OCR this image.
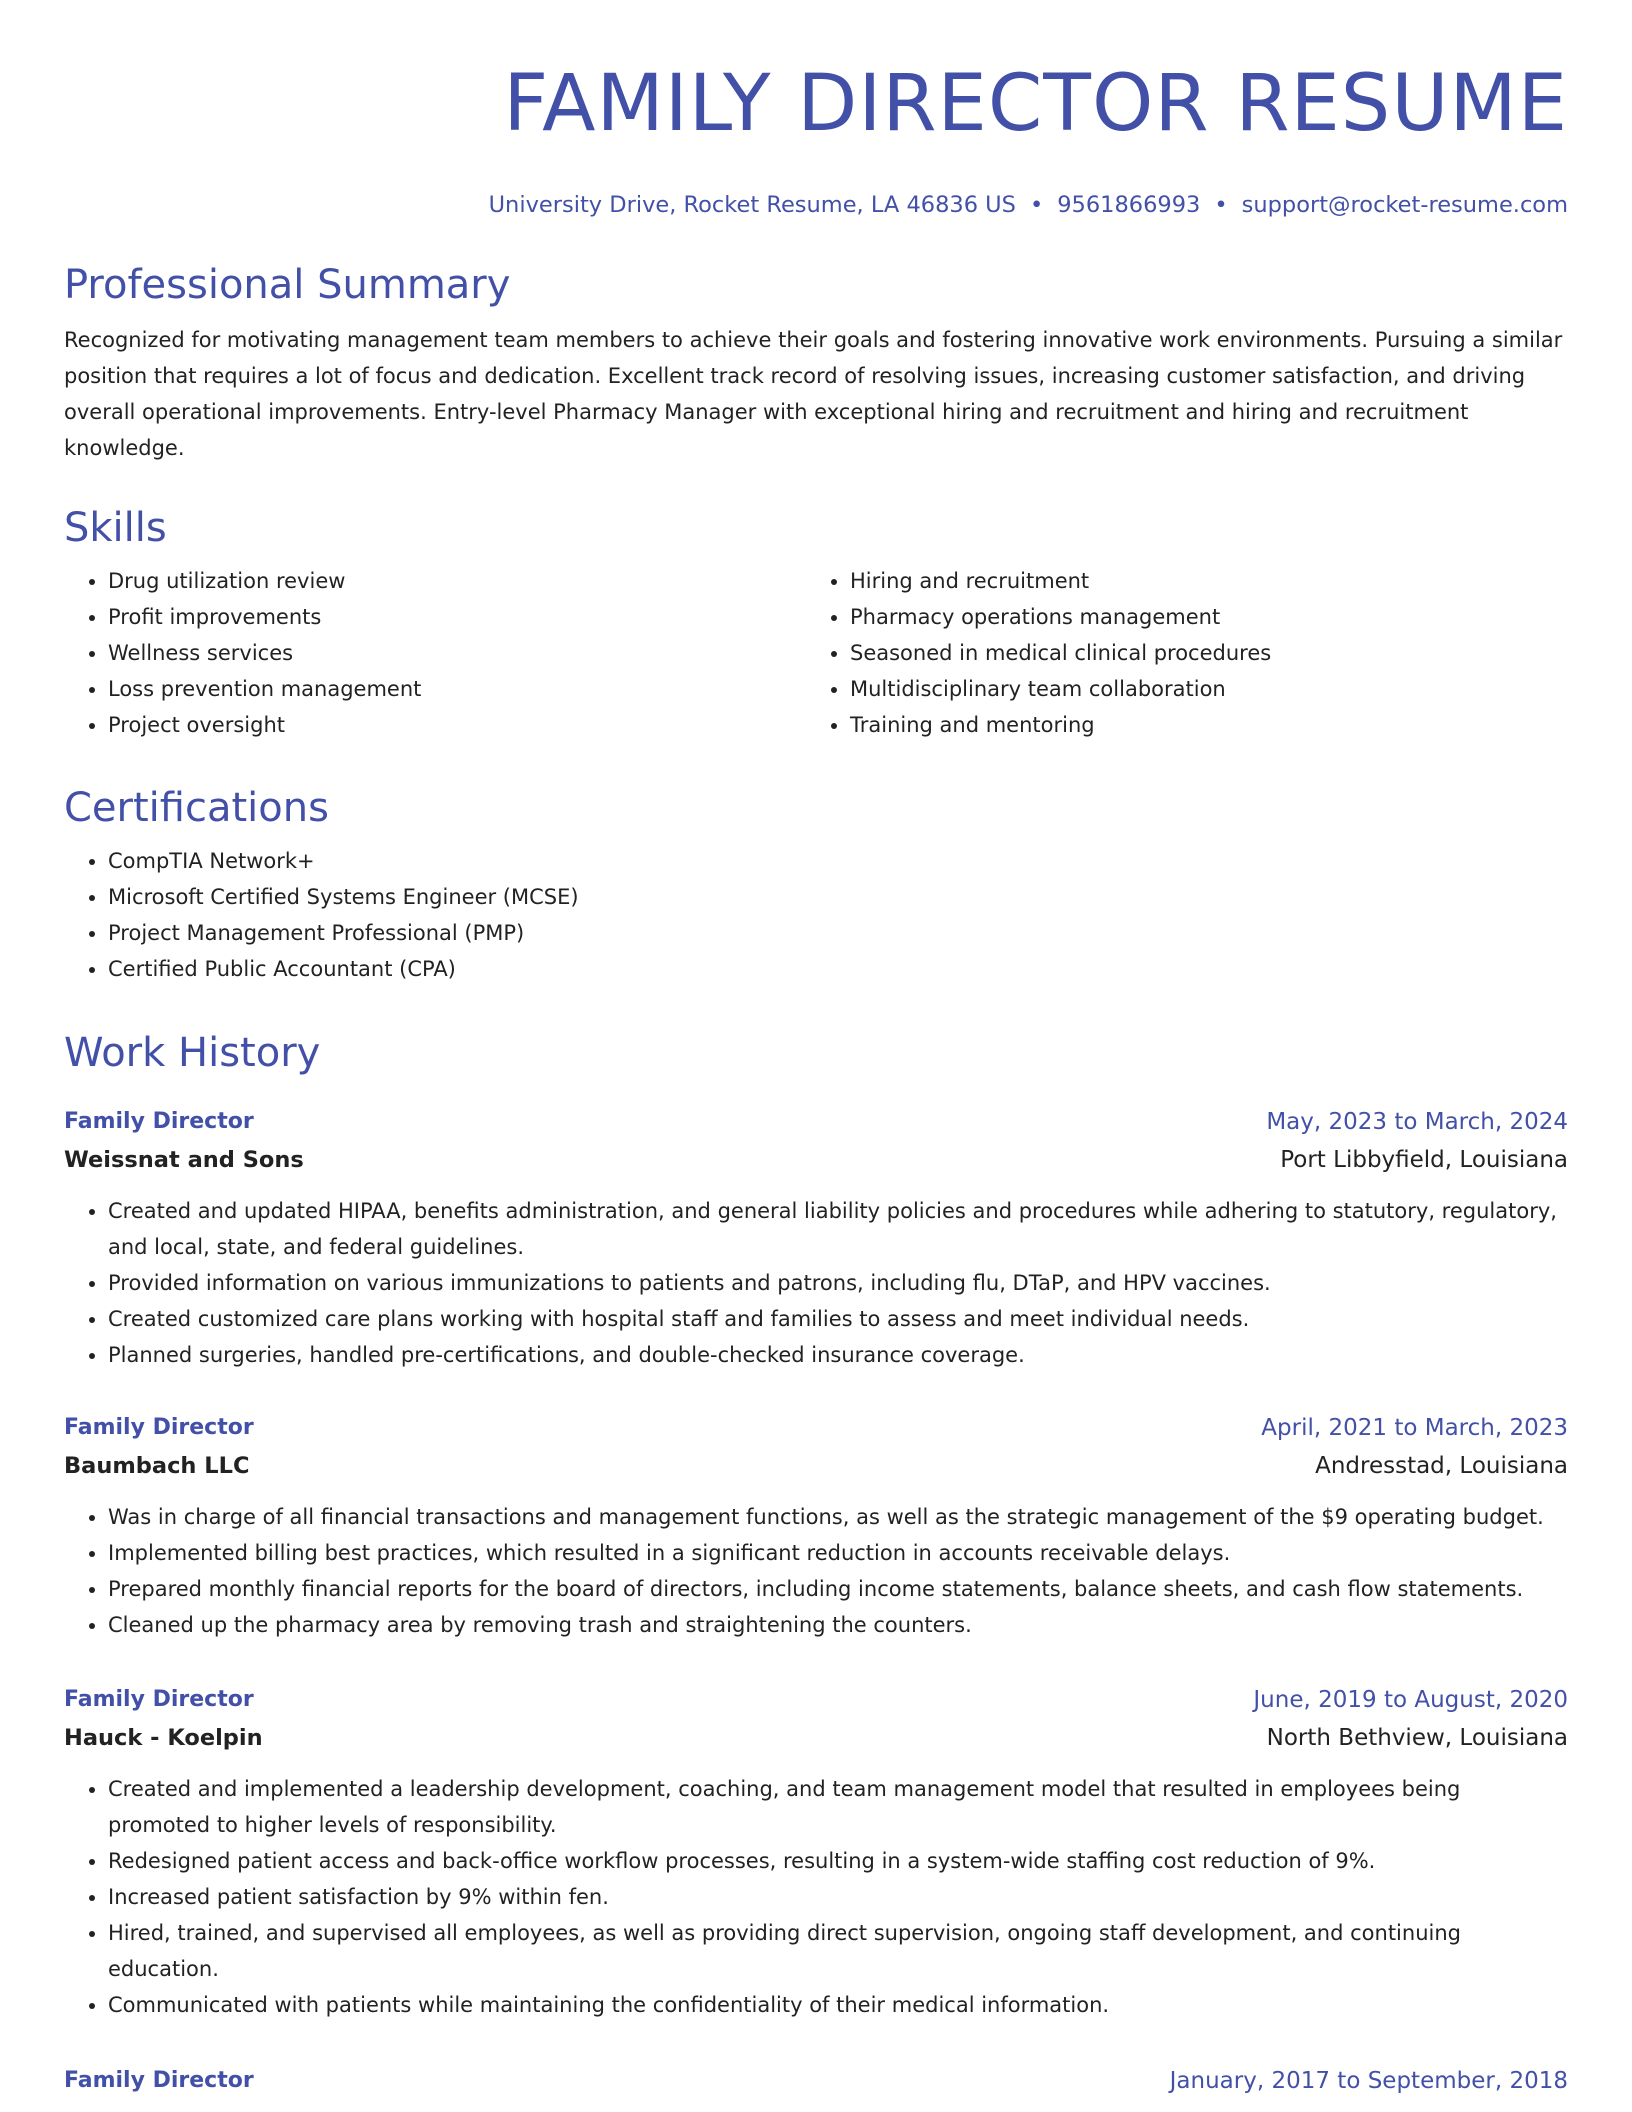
FAMILY DIRECTOR RESUME
University Drive, Rocket Resume, LA 46836 US • 9561866993 • support@rocket-resume.com
Professional Summary

Recognized for motivating management team members to achieve their goals and fostering innovative work environments. Pursuing a similar position that requires a lot of focus and dedication. Excellent track record of resolving issues, increasing customer satisfaction, and driving overall operational improvements. Entry-level Pharmacy Manager with exceptional hiring and recruitment and hiring and recruitment knowledge.

Skills
• Drug utilization review
• Profit improvements
• Wellness services
• Loss prevention management
• Project oversight
• Hiring and recruitment
• Pharmacy operations management
• Seasoned in medical clinical procedures
• Multidisciplinary team collaboration
• Training and mentoring
Certifications
• CompTIA Network+
• Microsoft Certified Systems Engineer (MCSE)
• Project Management Professional (PMP)
• Certified Public Accountant (CPA)
Work History
Family Director	May, 2023 to March, 2024
Weissnat and Sons	Port Libbyfield, Louisiana
• Created and updated HIPAA, benefits administration, and general liability policies and procedures while adhering to statutory, regulatory, and local, state, and federal guidelines.
• Provided information on various immunizations to patients and patrons, including flu, DTaP, and HPV vaccines.
• Created customized care plans working with hospital staff and families to assess and meet individual needs.
• Planned surgeries, handled pre-certifications, and double-checked insurance coverage.
Family Director	April, 2021 to March, 2023
Baumbach LLC	Andresstad, Louisiana
• Was in charge of all financial transactions and management functions, as well as the strategic management of the $9 operating budget.
• Implemented billing best practices, which resulted in a significant reduction in accounts receivable delays.
• Prepared monthly financial reports for the board of directors, including income statements, balance sheets, and cash flow statements.
• Cleaned up the pharmacy area by removing trash and straightening the counters.
Family Director	June, 2019 to August, 2020
Hauck - Koelpin	North Bethview, Louisiana
• Created and implemented a leadership development, coaching, and team management model that resulted in employees being promoted to higher levels of responsibility.
• Redesigned patient access and back-office workflow processes, resulting in a system-wide staffing cost reduction of 9%.
• Increased patient satisfaction by 9% within fen.
• Hired, trained, and supervised all employees, as well as providing direct supervision, ongoing staff development, and continuing education.
• Communicated with patients while maintaining the confidentiality of their medical information.
Family Director	January, 2017 to September, 2018
